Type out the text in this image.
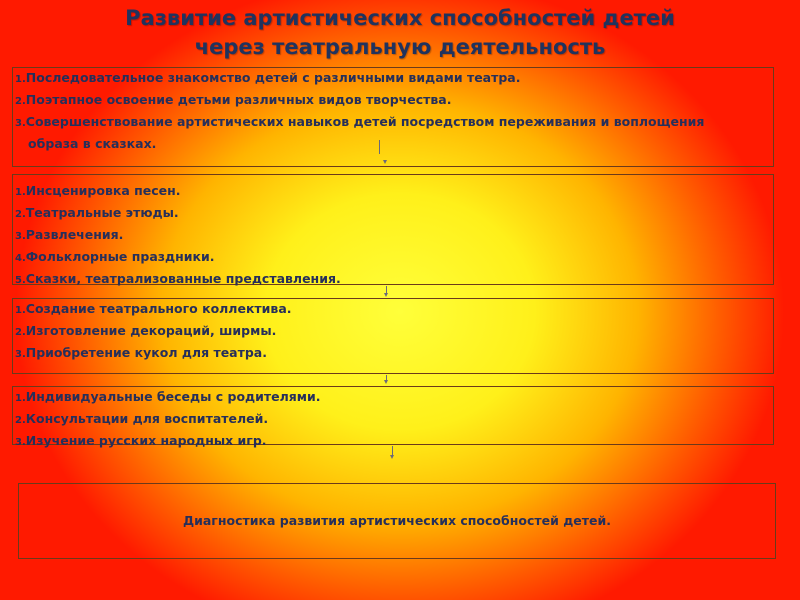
Развитие артистических способностей детей через театральную деятельность
1.Последовательное знакомство детей с различными видами театра.
2.Поэтапное освоение детьми различных видов творчества.
3.Совершенствование артистических навыков детей посредством переживания и воплощения
образа в сказках.
1.Инсценировка песен.
2.Театральные этюды.
3.Развлечения.
4.Фольклорные праздники.
5.Сказки, театрализованные представления.
1.Создание театрального коллектива.
2.Изготовление декораций, ширмы.
3.Приобретение кукол для театра.
1.Индивидуальные беседы с родителями.
2.Консультации для воспитателей.
3.Изучение русских народных игр.
Диагностика развития артистических способностей детей.
